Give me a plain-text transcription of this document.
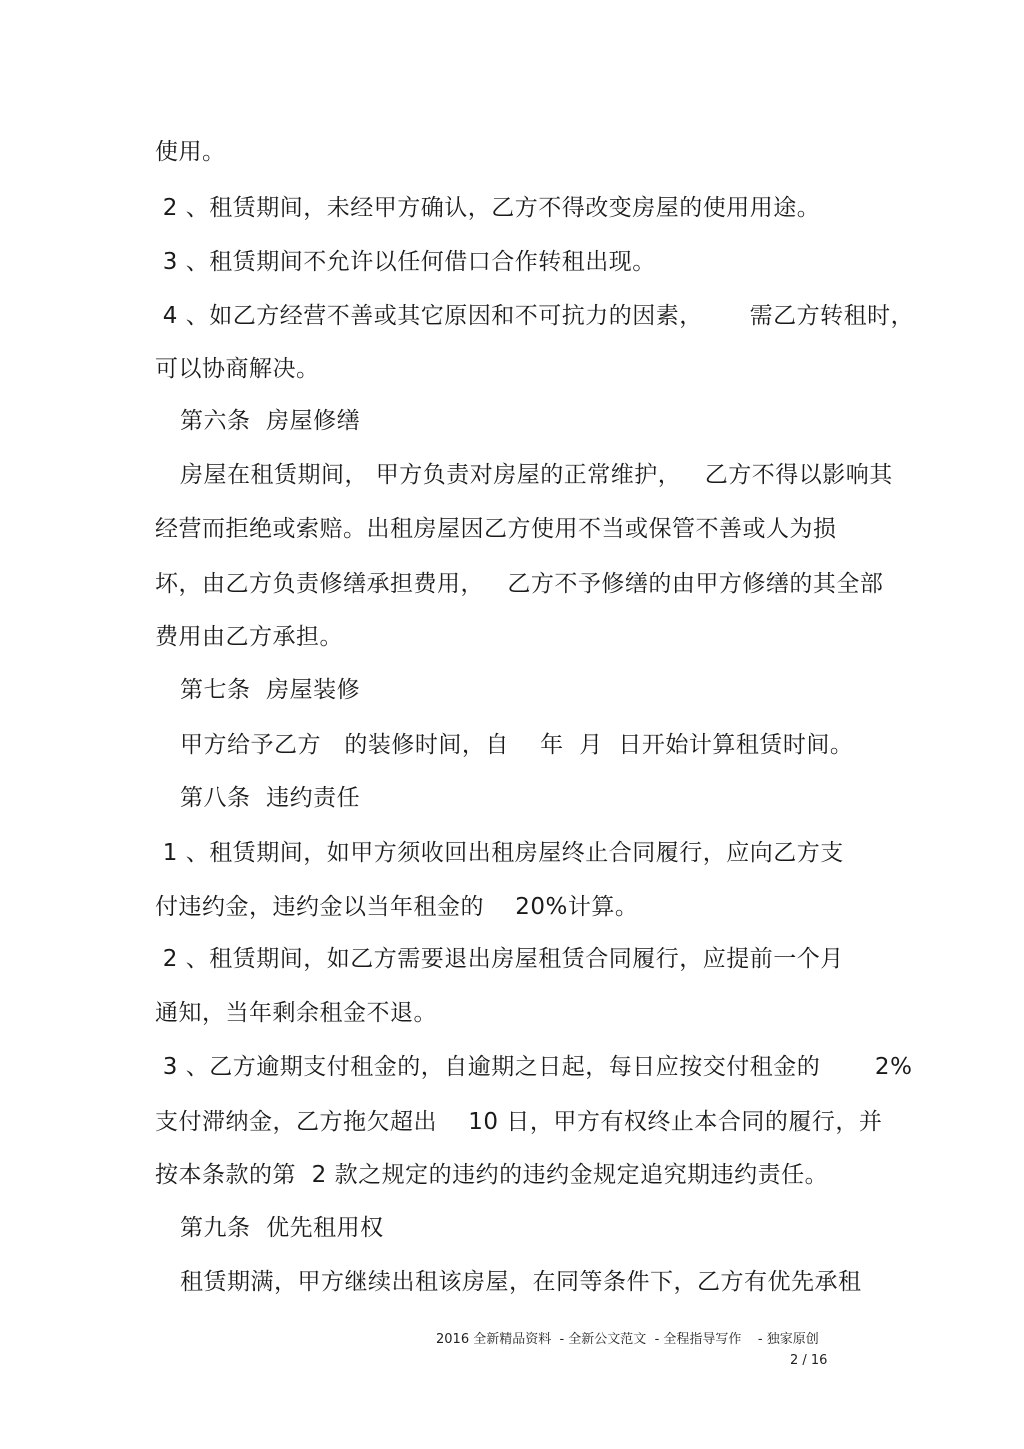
使用。
2 、租赁期间，未经甲方确认，乙方不得改变房屋的使用用途。
3 、租赁期间不允许以任何借口合作转租出现。
4 、如乙方经营不善或其它原因和不可抗力的因素，      需乙方转租时，
可以协商解决。
第六条  房屋修缮
房屋在租赁期间， 甲方负责对房屋的正常维护，   乙方不得以影响其
经营而拒绝或索赔。出租房屋因乙方使用不当或保管不善或人为损
坏，由乙方负责修缮承担费用，   乙方不予修缮的由甲方修缮的其全部
费用由乙方承担。
第七条  房屋装修
甲方给予乙方   的装修时间，自    年  月  日开始计算租赁时间。
第八条  违约责任
1 、租赁期间，如甲方须收回出租房屋终止合同履行，应向乙方支
付违约金，违约金以当年租金的    20%计算。
2 、租赁期间，如乙方需要退出房屋租赁合同履行，应提前一个月
通知，当年剩余租金不退。
3 、乙方逾期支付租金的，自逾期之日起，每日应按交付租金的       2%
支付滞纳金，乙方拖欠超出    10 日，甲方有权终止本合同的履行，并
按本条款的第  2 款之规定的违约的违约金规定追究期违约责任。
第九条  优先租用权
租赁期满，甲方继续出租该房屋，在同等条件下，乙方有优先承租
2016 全新精品资料  - 全新公文范文  - 全程指导写作    - 独家原创
2 / 16
